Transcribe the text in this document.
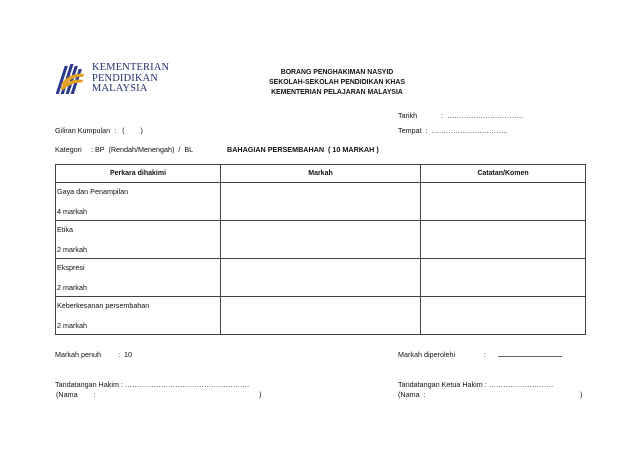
KEMENTERIAN
PENDIDIKAN
MALAYSIA
BORANG PENGHAKIMAN NASYID
SEKOLAH-SEKOLAH PENDIDIKAN KHAS
KEMENTERIAN PELAJARAN MALAYSIA
Tarikh	:  …………………………..
Giliran Kumpulan  :   (        )	Tempat  :  …………………………..
Kategori : BP  (Rendah/Menengah)  /  BL	BAHAGIAN PERSEMBAHAN  ( 10 MARKAH )
Perkara dihakimi	Markah	Catatan/Komen

Gaya dan Penampilan
4 markah		

Etika
2 markah		

Ekspresi
2 markah		

Keberkesanan persembahan
2 markah		

Markah penuh :  10	Markah diperolehi	:
Tandatangan Hakim : …………………………………………….
(Nama        :	)
Tandatangan Ketua Hakim : ………………………
(Nama  :	)
